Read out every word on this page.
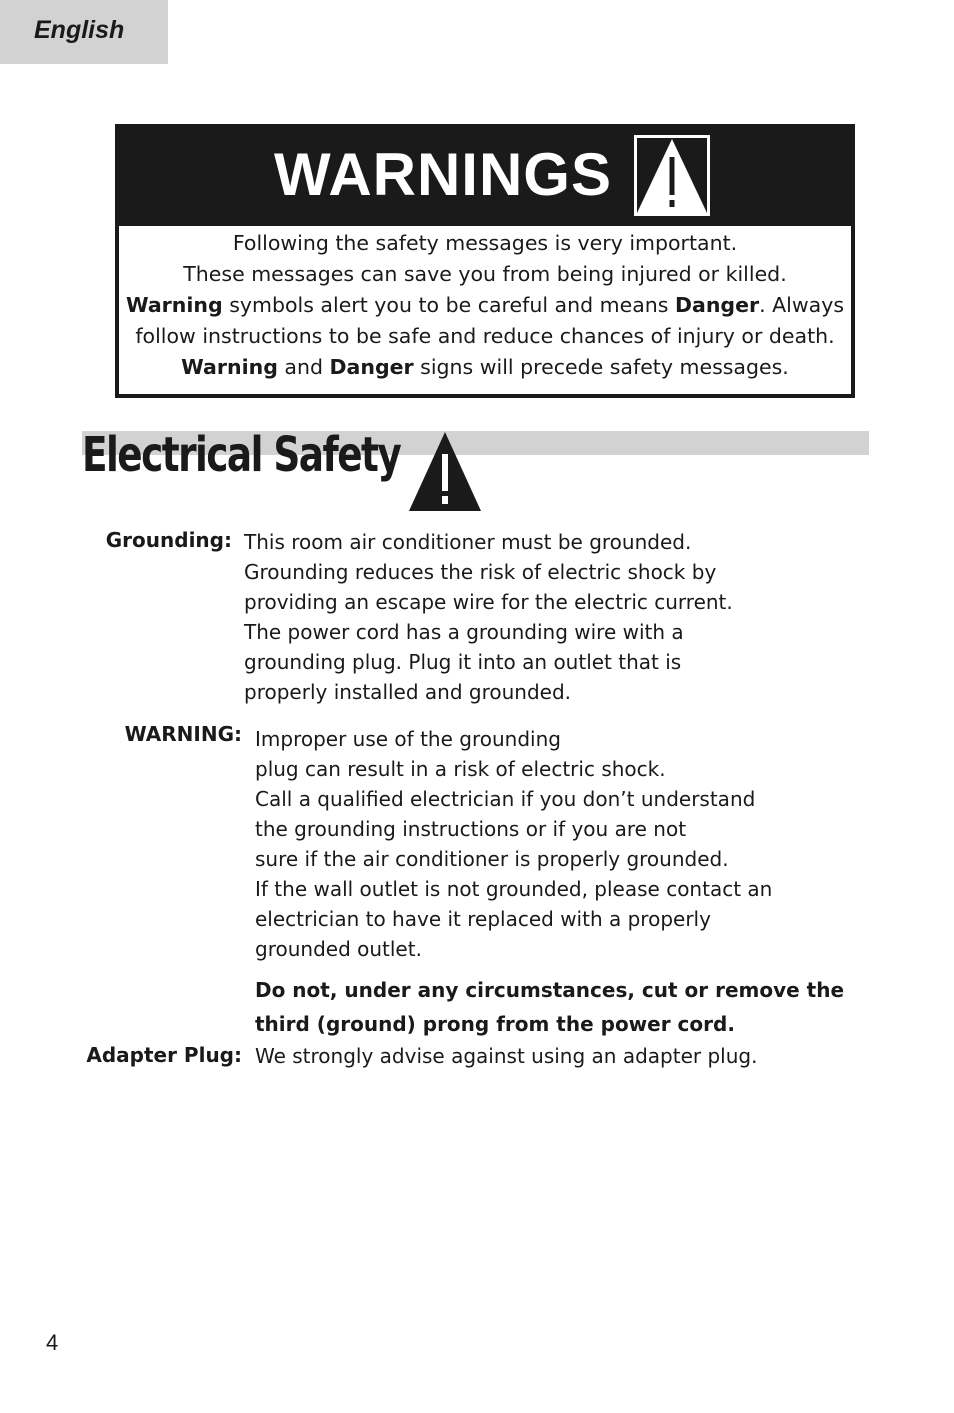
English
WARNINGS
Following the safety messages is very important.
These messages can save you from being injured or killed.
Warning symbols alert you to be careful and means Danger. Always
follow instructions to be safe and reduce chances of injury or death.
Warning and Danger signs will precede safety messages.
Electrical Safety
Grounding: This room air conditioner must be grounded.
Grounding reduces the risk of electric shock by
providing an escape wire for the electric current.
The power cord has a grounding wire with a
grounding plug. Plug it into an outlet that is
properly installed and grounded.
WARNING: Improper use of the grounding
plug can result in a risk of electric shock.
Call a qualified electrician if you don’t understand
the grounding instructions or if you are not
sure if the air conditioner is properly grounded.
If the wall outlet is not grounded, please contact an
electrician to have it replaced with a properly
grounded outlet.
Do not, under any circumstances, cut or remove the
third (ground) prong from the power cord.
Adapter Plug: We strongly advise against using an adapter plug.
4
